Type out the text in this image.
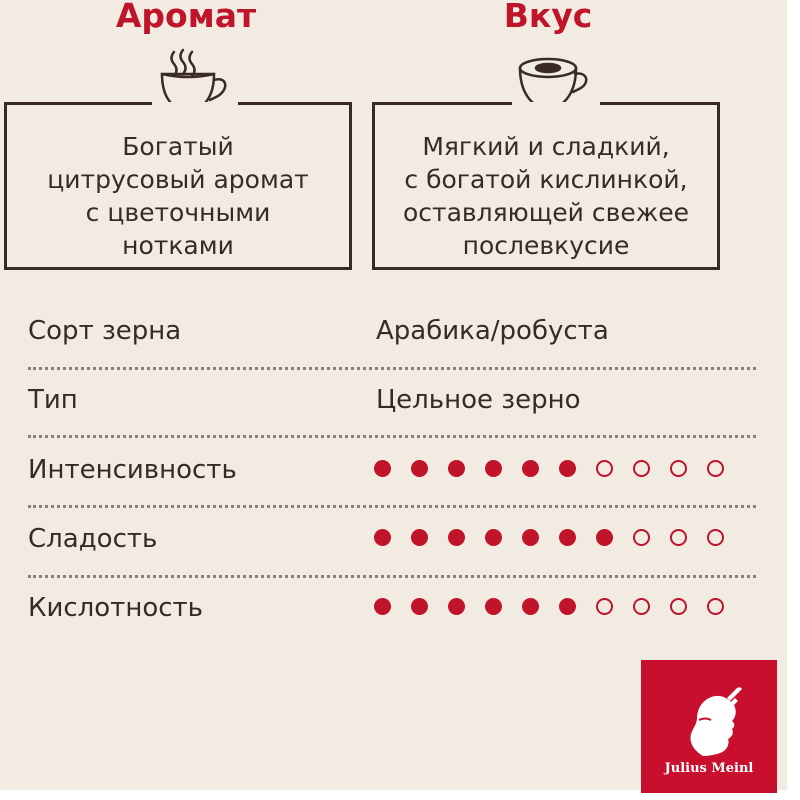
Аромат
Богатый
цитрусовый аромат
с цветочными
нотками
Вкус
Мягкий и сладкий,
с богатой кислинкой,
оставляющей свежее
послевкусие
Сорт зерна	Арабика/робуста
Тип	Цельное зерно
Интенсивность
Сладость
Кислотность
Julius Meinl
